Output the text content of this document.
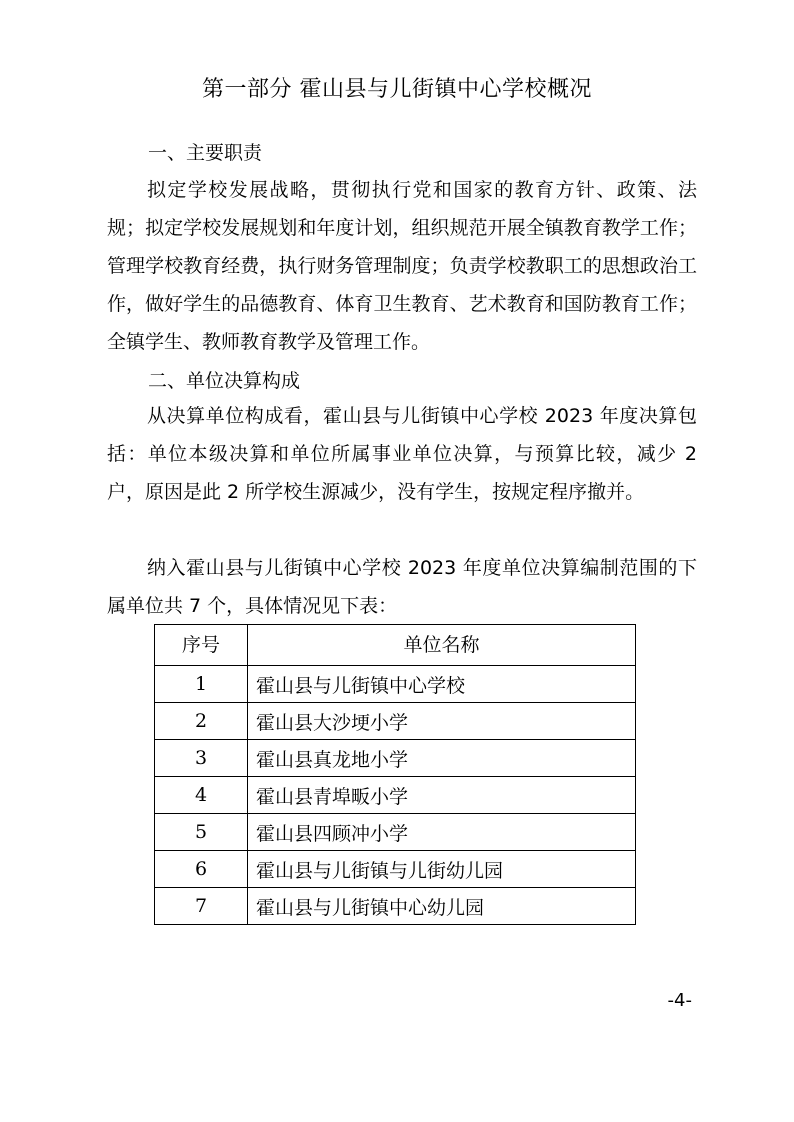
第一部分 霍山县与儿街镇中心学校概况
一、主要职责

拟定学校发展战略，贯彻执行党和国家的教育方针、政策、法规；拟定学校发展规划和年度计划，组织规范开展全镇教育教学工作；管理学校教育经费，执行财务管理制度；负责学校教职工的思想政治工作，做好学生的品德教育、体育卫生教育、艺术教育和国防教育工作；全镇学生、教师教育教学及管理工作。

二、单位决算构成

从决算单位构成看，霍山县与儿街镇中心学校 2023 年度决算包括：单位本级决算和单位所属事业单位决算，与预算比较，减少 2 户，原因是此 2 所学校生源减少，没有学生，按规定程序撤并。

纳入霍山县与儿街镇中心学校 2023 年度单位决算编制范围的下属单位共 7 个，具体情况见下表：

序号	单位名称
1	霍山县与儿街镇中心学校
2	霍山县大沙埂小学
3	霍山县真龙地小学
4	霍山县青埠畈小学
5	霍山县四顾冲小学
6	霍山县与儿街镇与儿街幼儿园
7	霍山县与儿街镇中心幼儿园
-4-
